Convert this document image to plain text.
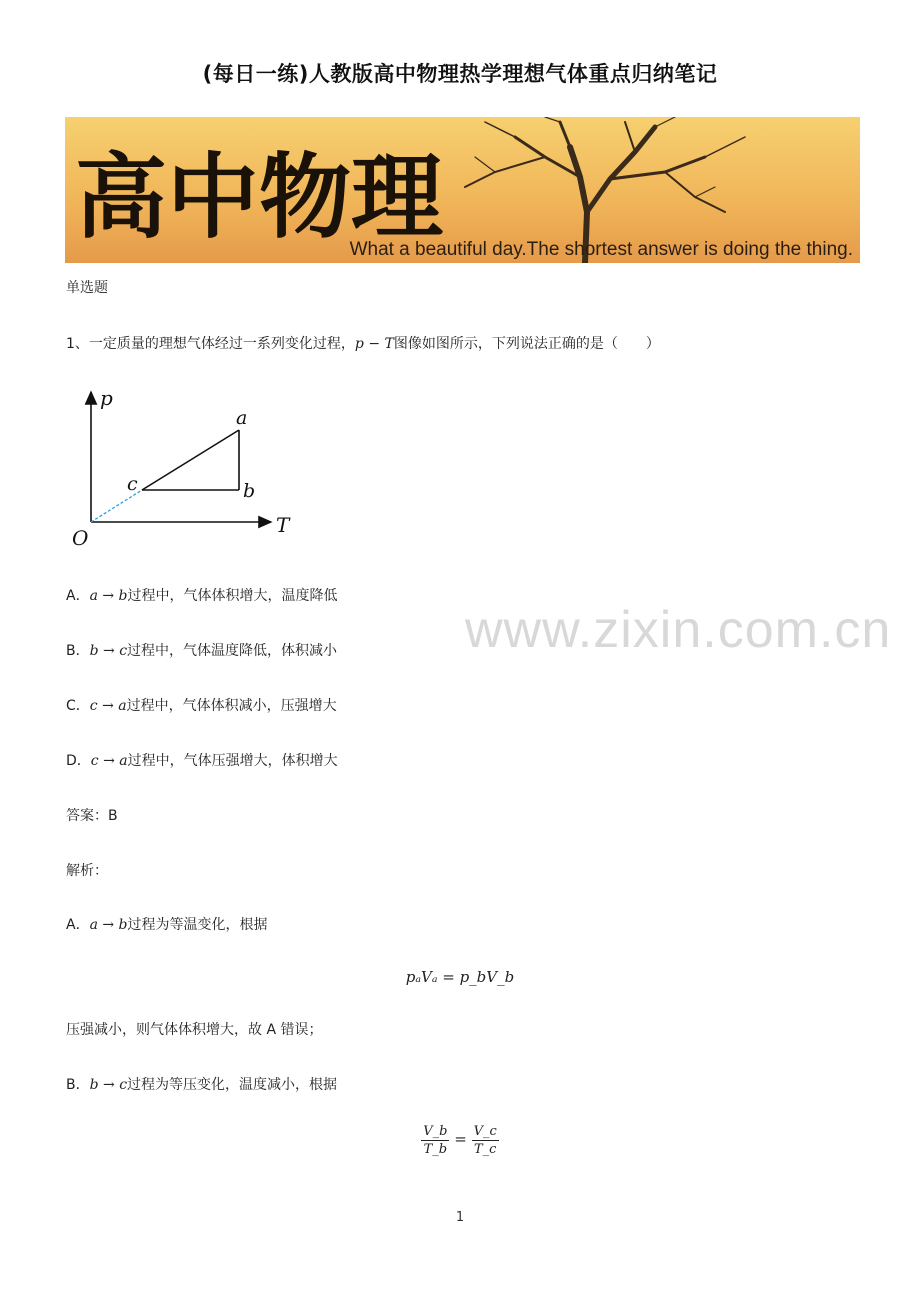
(每日一练)人教版高中物理热学理想气体重点归纳笔记
高中物理
What a beautiful day.The shortest answer is doing the thing.
单选题
1、一定质量的理想气体经过一系列变化过程，p − T图像如图所示，下列说法正确的是（　　）
p
T
O
a
b
c
A．a → b过程中，气体体积增大，温度降低
B．b → c过程中，气体温度降低，体积减小
C．c → a过程中，气体体积减小，压强增大
D．c → a过程中，气体压强增大，体积增大
www.zixin.com.cn
答案：B
解析：
A．a → b过程为等温变化，根据
pₐVₐ = p_bV_b
压强减小，则气体体积增大，故 A 错误；
B．b → c过程为等压变化，温度减小，根据
$\frac{V\_b}{T\_b} = \frac{V\_c}{T\_c}$
1
